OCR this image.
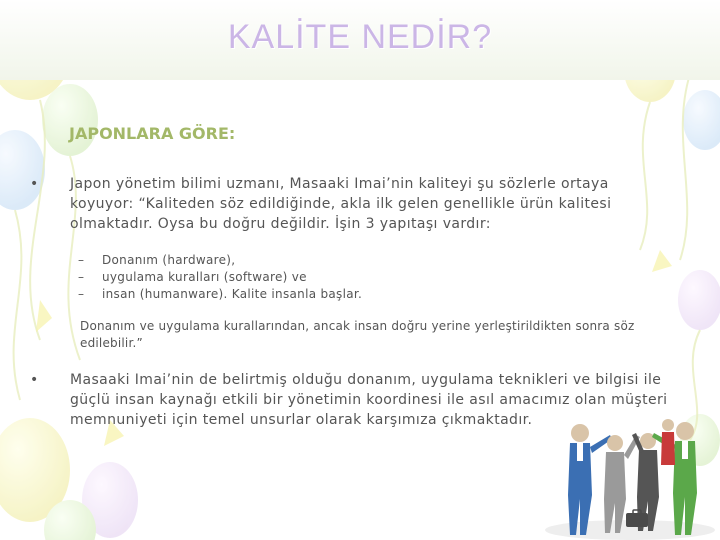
KALİTE NEDİR?
JAPONLARA GÖRE:
• Japon yönetim bilimi uzmanı, Masaaki Imai’nin kaliteyi şu sözlerle ortaya koyuyor: “Kaliteden söz edildiğinde, akla ilk gelen genellikle ürün kalitesi olmaktadır. Oysa bu doğru değildir. İşin 3 yapıtaşı vardır:
– Donanım (hardware),
– uygulama kuralları (software) ve
– insan (humanware). Kalite insanla başlar.
Donanım ve uygulama kurallarından, ancak insan doğru yerine yerleştirildikten sonra söz edilebilir.”
• Masaaki Imai’nin de belirtmiş olduğu donanım, uygulama teknikleri ve bilgisi ile güçlü insan kaynağı etkili bir yönetimin koordinesi ile asıl amacımız olan müşteri memnuniyeti için temel unsurlar olarak karşımıza çıkmaktadır.
